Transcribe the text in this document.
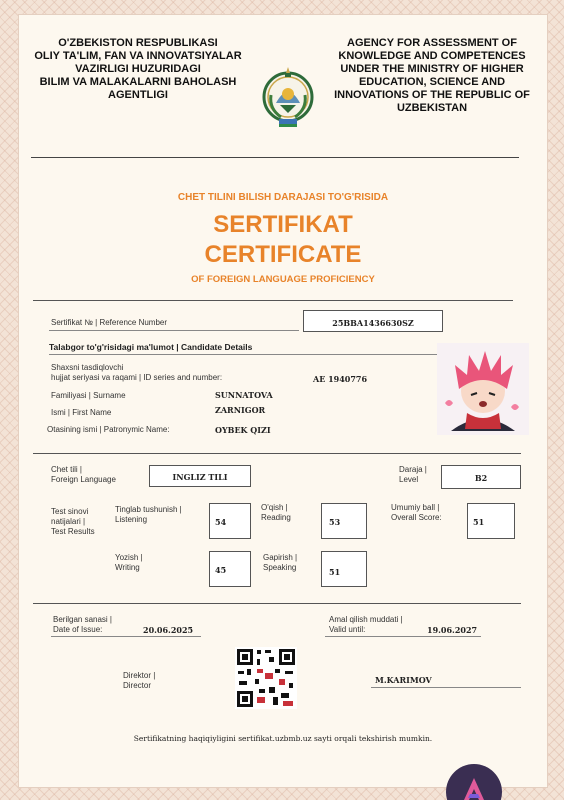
O'ZBEKISTON RESPUBLIKASI
OLIY TA'LIM, FAN VA INNOVATSIYALAR
VAZIRLIGI HUZURIDAGI
BILIM VA MALAKALARNI BAHOLASH
AGENTLIGI
AGENCY FOR ASSESSMENT OF
KNOWLEDGE AND COMPETENCES
UNDER THE MINISTRY OF HIGHER
EDUCATION, SCIENCE AND
INNOVATIONS OF THE REPUBLIC OF
UZBEKISTAN
CHET TILINI BILISH DARAJASI TO'G'RISIDA
SERTIFIKAT
CERTIFICATE
OF FOREIGN LANGUAGE PROFICIENCY
Sertifikat № | Reference Number	25BBA1436630SZ
Talabgor to'g'risidagi ma'lumot | Candidate Details
Shaxsni tasdiqlovchi
hujjat seriyasi va raqami | ID series and number:	AE 1940776
Familiyasi | Surname	SUNNATOVA
Ismi | First Name	ZARNIGOR
Otasining ismi | Patronymic Name:	OYBEK QIZI
Chet tili |
Foreign Language	INGLIZ TILI
Daraja |
Level	B2
Test sinovi
natijalari |
Test Results
Tinglab tushunish |
Listening	54
O'qish |
Reading	53
Umumiy ball |
Overall Score:	51
Yozish |
Writing	45
Gapirish |
Speaking	51
Berilgan sanasi |
Date of Issue:	20.06.2025
Amal qilish muddati |
Valid until:	19.06.2027
Direktor |
Director
M.KARIMOV
Sertifikatning haqiqiyligini sertifikat.uzbmb.uz sayti orqali tekshirish mumkin.
